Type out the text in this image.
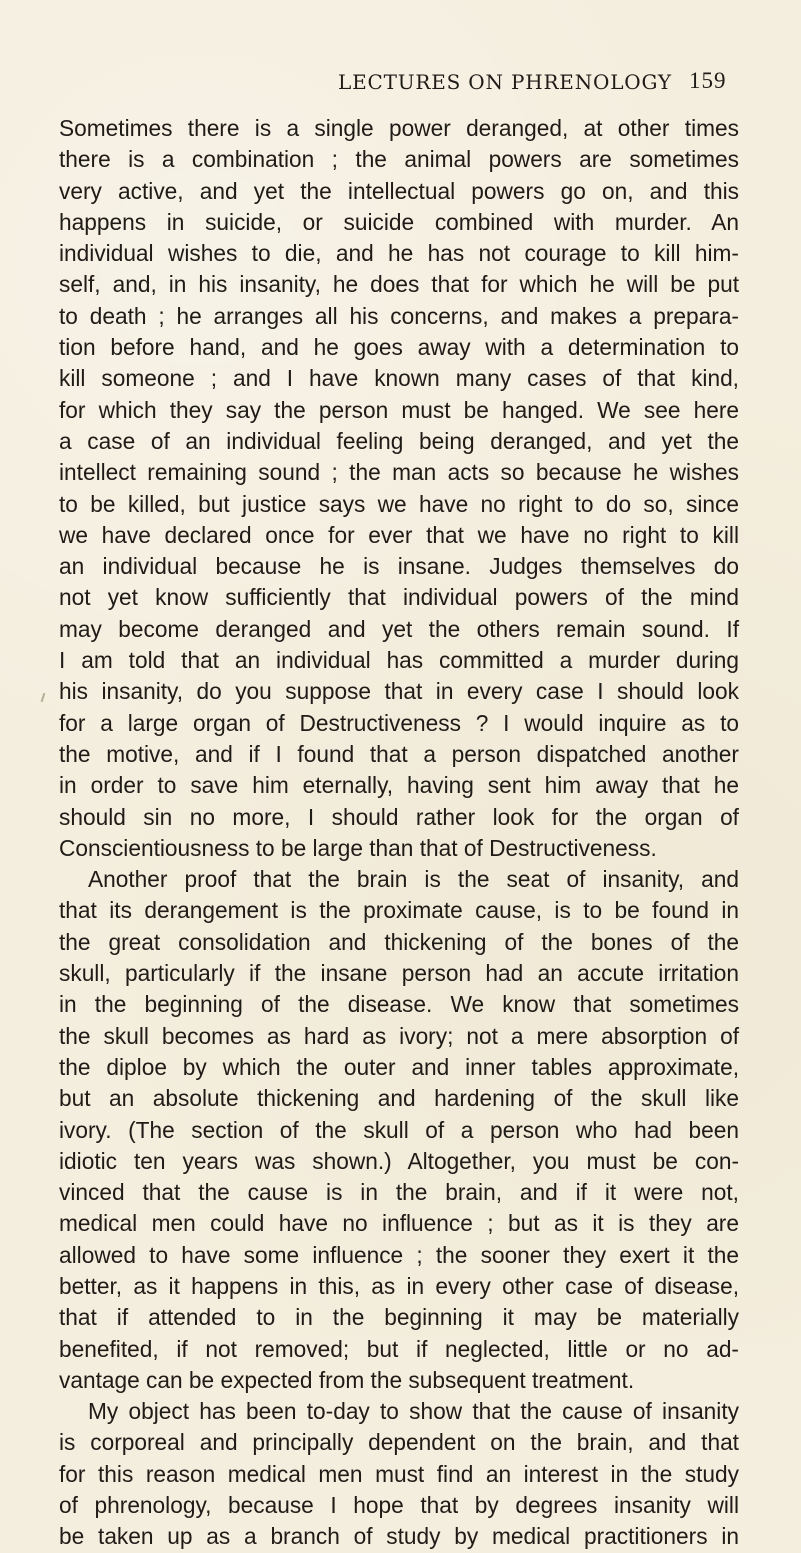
LECTURES ON PHRENOLOGY 159
Sometimes there is a single power deranged, at other times
there is a combination ; the animal powers are sometimes
very active, and yet the intellectual powers go on, and this
happens in suicide, or suicide combined with murder. An
individual wishes to die, and he has not courage to kill him-
self, and, in his insanity, he does that for which he will be put
to death ; he arranges all his concerns, and makes a prepara-
tion before hand, and he goes away with a determination to
kill someone ; and I have known many cases of that kind,
for which they say the person must be hanged. We see here
a case of an individual feeling being deranged, and yet the
intellect remaining sound ; the man acts so because he wishes
to be killed, but justice says we have no right to do so, since
we have declared once for ever that we have no right to kill
an individual because he is insane. Judges themselves do
not yet know sufficiently that individual powers of the mind
may become deranged and yet the others remain sound. If
I am told that an individual has committed a murder during
his insanity, do you suppose that in every case I should look
for a large organ of Destructiveness ? I would inquire as to
the motive, and if I found that a person dispatched another
in order to save him eternally, having sent him away that he
should sin no more, I should rather look for the organ of
Conscientiousness to be large than that of Destructiveness.
Another proof that the brain is the seat of insanity, and
that its derangement is the proximate cause, is to be found in
the great consolidation and thickening of the bones of the
skull, particularly if the insane person had an accute irritation
in the beginning of the disease. We know that sometimes
the skull becomes as hard as ivory; not a mere absorption of
the diploe by which the outer and inner tables approximate,
but an absolute thickening and hardening of the skull like
ivory. (The section of the skull of a person who had been
idiotic ten years was shown.) Altogether, you must be con-
vinced that the cause is in the brain, and if it were not,
medical men could have no influence ; but as it is they are
allowed to have some influence ; the sooner they exert it the
better, as it happens in this, as in every other case of disease,
that if attended to in the beginning it may be materially
benefited, if not removed; but if neglected, little or no ad-
vantage can be expected from the subsequent treatment.
My object has been to-day to show that the cause of insanity
is corporeal and principally dependent on the brain, and that
for this reason medical men must find an interest in the study
of phrenology, because I hope that by degrees insanity will
be taken up as a branch of study by medical practitioners in
